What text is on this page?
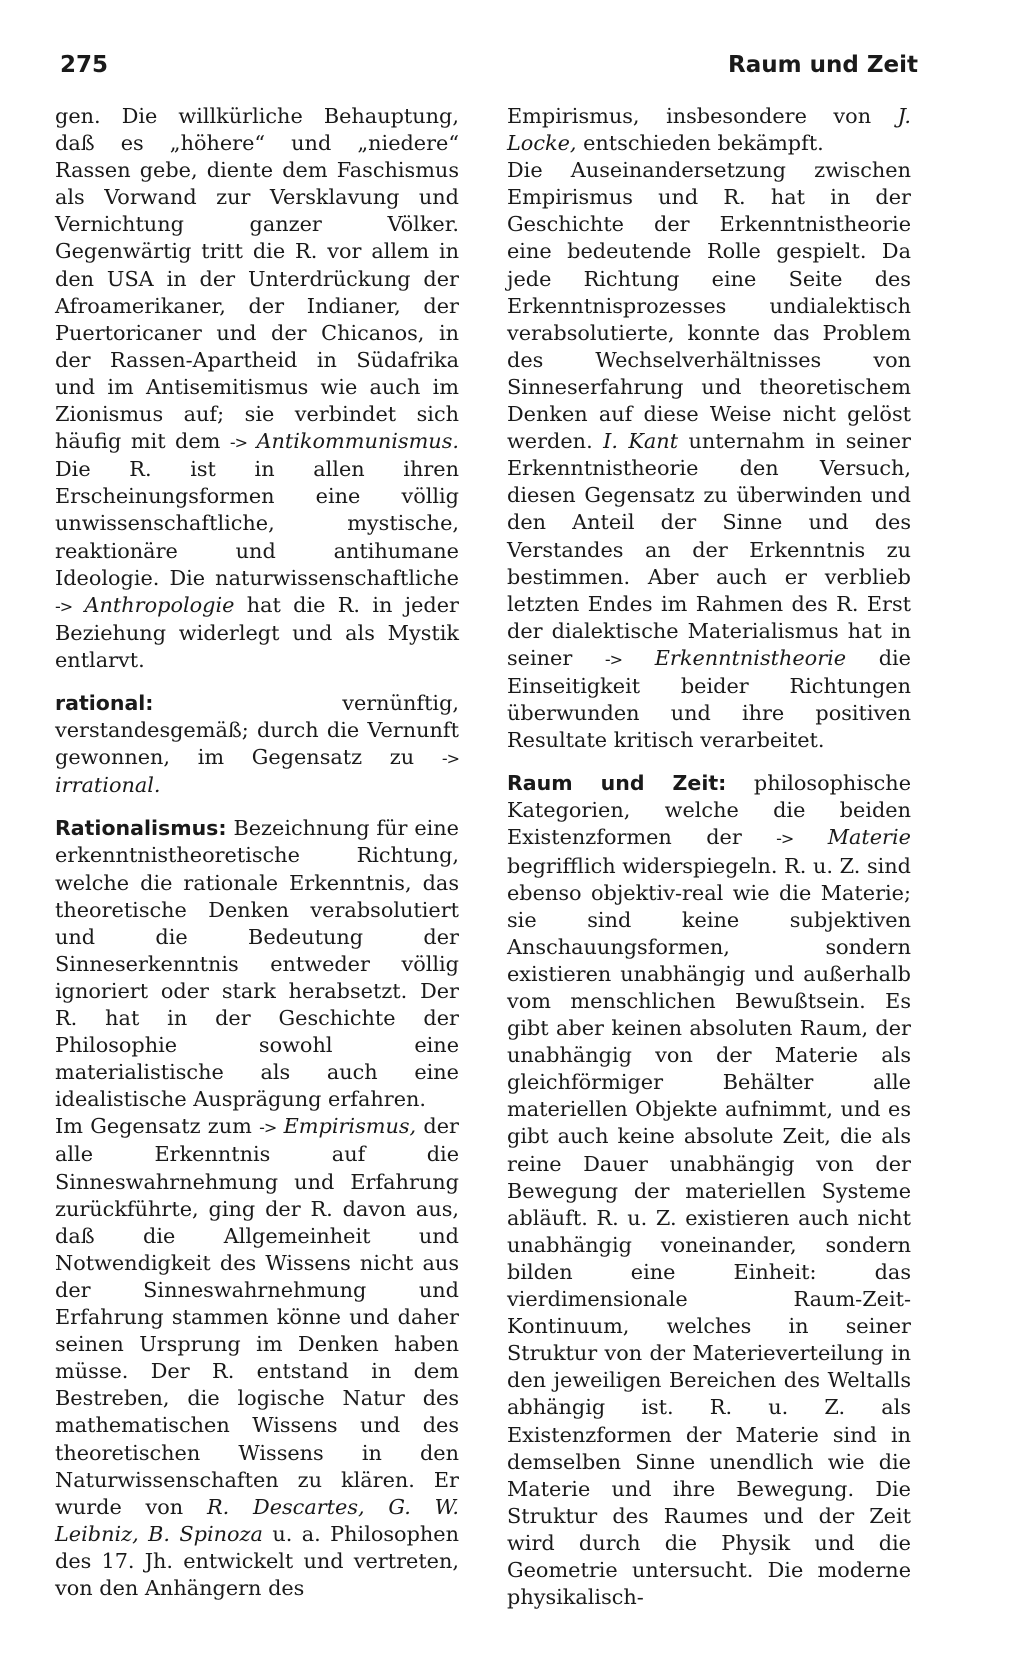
275	Raum und Zeit

gen. Die willkürliche Behauptung, daß es „höhere“ und „niedere“ Rassen gebe, diente dem Faschismus als Vorwand zur Versklavung und Vernichtung ganzer Völker. Gegenwärtig tritt die R. vor allem in den USA in der Unterdrückung der Afroamerikaner, der Indianer, der Puertoricaner und der Chicanos, in der Rassen-Apartheid in Südafrika und im Antisemitismus wie auch im Zionismus auf; sie verbindet sich häufig mit dem -> Antikommunismus. Die R. ist in allen ihren Erscheinungsformen eine völlig unwissenschaftliche, mystische, reaktionäre und antihumane Ideologie. Die naturwissenschaftliche -> Anthropologie hat die R. in jeder Beziehung widerlegt und als Mystik entlarvt.

rational: vernünftig, verstandesgemäß; durch die Vernunft gewonnen, im Gegensatz zu -> irrational.

Rationalismus: Bezeichnung für eine erkenntnistheoretische Richtung, welche die rationale Erkenntnis, das theoretische Denken verabsolutiert und die Bedeutung der Sinneserkenntnis entweder völlig ignoriert oder stark herabsetzt. Der R. hat in der Geschichte der Philosophie sowohl eine materialistische als auch eine idealistische Ausprägung erfahren.

Im Gegensatz zum -> Empirismus, der alle Erkenntnis auf die Sinneswahrnehmung und Erfahrung zurückführte, ging der R. davon aus, daß die Allgemeinheit und Notwendigkeit des Wissens nicht aus der Sinneswahrnehmung und Erfahrung stammen könne und daher seinen Ursprung im Denken haben müsse. Der R. entstand in dem Bestreben, die logische Natur des mathematischen Wissens und des theoretischen Wissens in den Naturwissenschaften zu klären. Er wurde von R. Descartes, G. W. Leibniz, B. Spinoza u. a. Philosophen des 17. Jh. entwickelt und vertreten, von den Anhängern des

Empirismus, insbesondere von J. Locke, entschieden bekämpft.

Die Auseinandersetzung zwischen Empirismus und R. hat in der Geschichte der Erkenntnistheorie eine bedeutende Rolle gespielt. Da jede Richtung eine Seite des Erkenntnisprozesses undialektisch verabsolutierte, konnte das Problem des Wechselverhältnisses von Sinneserfahrung und theoretischem Denken auf diese Weise nicht gelöst werden. I. Kant unternahm in seiner Erkenntnistheorie den Versuch, diesen Gegensatz zu überwinden und den Anteil der Sinne und des Verstandes an der Erkenntnis zu bestimmen. Aber auch er verblieb letzten Endes im Rahmen des R. Erst der dialektische Materialismus hat in seiner -> Erkenntnistheorie die Einseitigkeit beider Richtungen überwunden und ihre positiven Resultate kritisch verarbeitet.

Raum und Zeit: philosophische Kategorien, welche die beiden Existenzformen der -> Materie begrifflich widerspiegeln. R. u. Z. sind ebenso objektiv-real wie die Materie; sie sind keine subjektiven Anschauungsformen, sondern existieren unabhängig und außerhalb vom menschlichen Bewußtsein. Es gibt aber keinen absoluten Raum, der unabhängig von der Materie als gleichförmiger Behälter alle materiellen Objekte aufnimmt, und es gibt auch keine absolute Zeit, die als reine Dauer unabhängig von der Bewegung der materiellen Systeme abläuft. R. u. Z. existieren auch nicht unabhängig voneinander, sondern bilden eine Einheit: das vierdimensionale Raum-Zeit-Kontinuum, welches in seiner Struktur von der Materieverteilung in den jeweiligen Bereichen des Weltalls abhängig ist. R. u. Z. als Existenzformen der Materie sind in demselben Sinne unendlich wie die Materie und ihre Bewegung. Die Struktur des Raumes und der Zeit wird durch die Physik und die Geometrie untersucht. Die moderne physikalisch-
